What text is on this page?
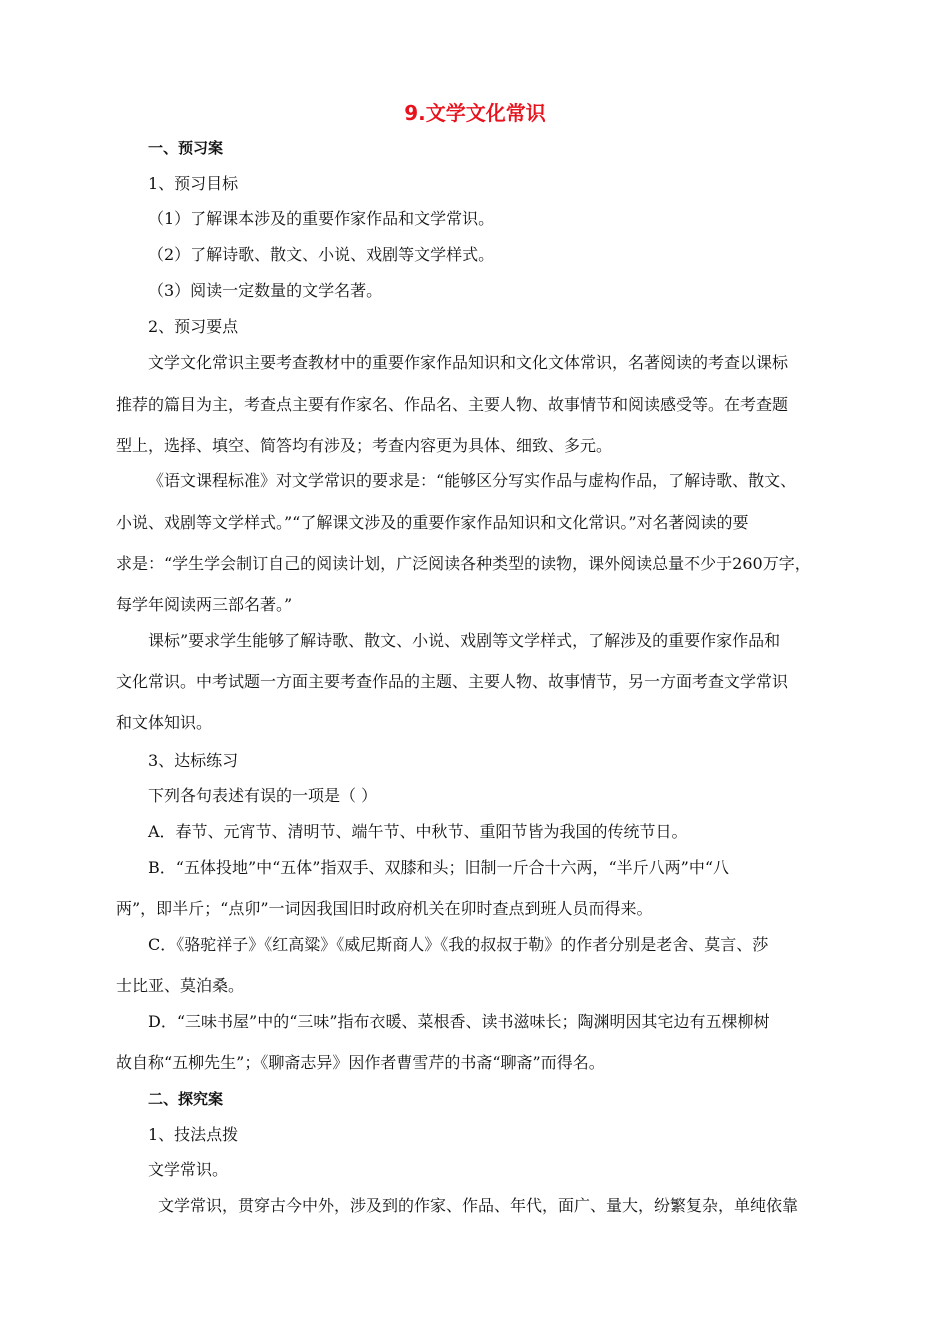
9.文学文化常识
一、预习案
1、预习目标
（1）了解课本涉及的重要作家作品和文学常识。
（2）了解诗歌、散文、小说、戏剧等文学样式。
（3）阅读一定数量的文学名著。
2、预习要点
文学文化常识主要考查教材中的重要作家作品知识和文化文体常识，名著阅读的考查以课标
推荐的篇目为主，考查点主要有作家名、作品名、主要人物、故事情节和阅读感受等。在考查题
型上，选择、填空、简答均有涉及；考查内容更为具体、细致、多元。
《语文课程标准》对文学常识的要求是：“能够区分写实作品与虚构作品，了解诗歌、散文、
小说、戏剧等文学样式。”“了解课文涉及的重要作家作品知识和文化常识。”对名著阅读的要
求是：“学生学会制订自己的阅读计划，广泛阅读各种类型的读物，课外阅读总量不少于260万字，
每学年阅读两三部名著。”
课标”要求学生能够了解诗歌、散文、小说、戏剧等文学样式，了解涉及的重要作家作品和
文化常识。中考试题一方面主要考查作品的主题、主要人物、故事情节，另一方面考查文学常识
和文体知识。
3、达标练习
下列各句表述有误的一项是（ ）
A．春节、元宵节、清明节、端午节、中秋节、重阳节皆为我国的传统节日。
B．“五体投地”中“五体”指双手、双膝和头；旧制一斤合十六两，“半斤八两”中“八
两”，即半斤；“点卯”一词因我国旧时政府机关在卯时查点到班人员而得来。
C．《骆驼祥子》《红高粱》《威尼斯商人》《我的叔叔于勒》的作者分别是老舍、莫言、莎
士比亚、莫泊桑。
D．“三味书屋”中的“三味”指布衣暖、菜根香、读书滋味长；陶渊明因其宅边有五棵柳树
故自称“五柳先生”；《聊斋志异》因作者曹雪芹的书斋“聊斋”而得名。
二、探究案
1、技法点拨
文学常识。
文学常识，贯穿古今中外，涉及到的作家、作品、年代，面广、量大，纷繁复杂，单纯依靠
